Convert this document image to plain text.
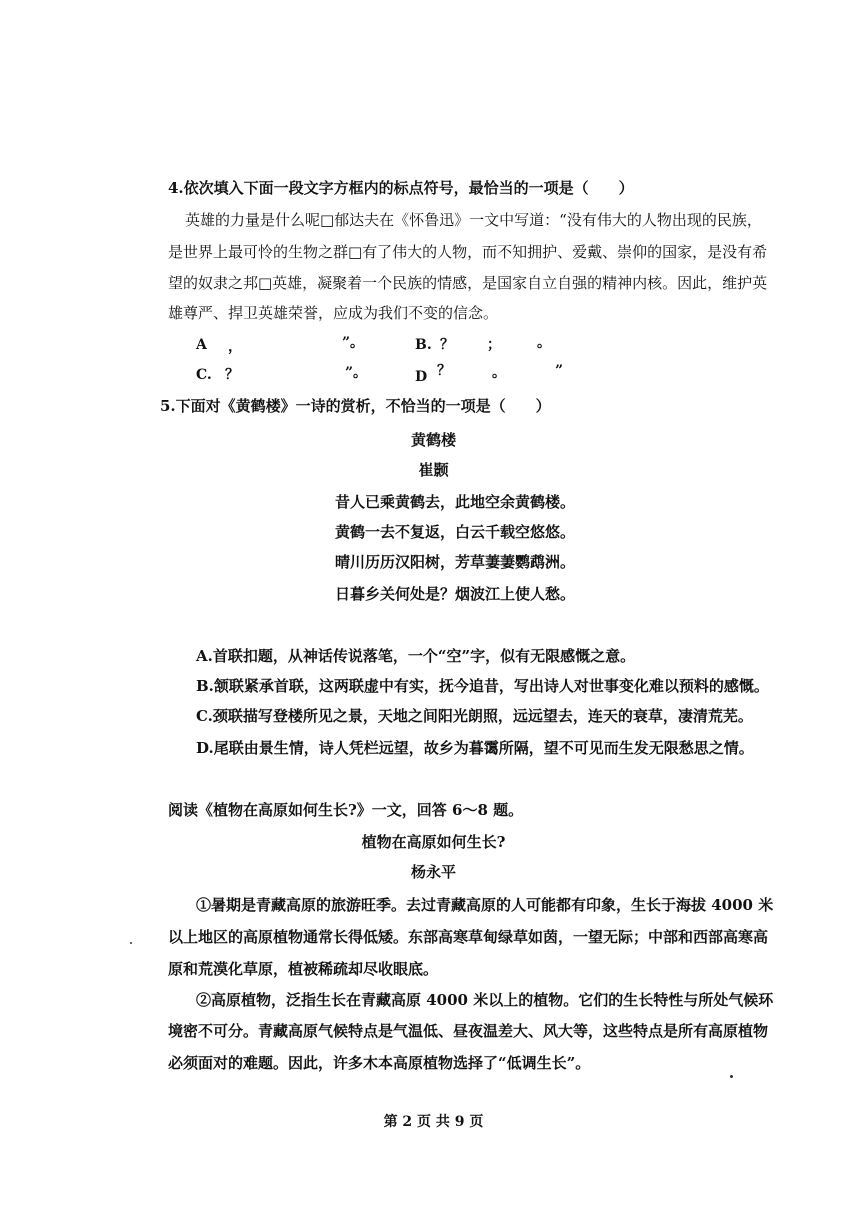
4.依次填入下面一段文字方框内的标点符号，最恰当的一项是（　　）
英雄的力量是什么呢□郁达夫在《怀鲁迅》一文中写道：“没有伟大的人物出现的民族，
是世界上最可怜的生物之群□有了伟大的人物，而不知拥护、爱戴、崇仰的国家，是没有希
望的奴隶之邦□英雄，凝聚着一个民族的情感，是国家自立自强的精神内核。因此，维护英
雄尊严、捍卫英雄荣誉，应成为我们不变的信念。
A ，	”。	B. ？ ；	。
C. ？	”。	D ？	。	”
5.下面对《黄鹤楼》一诗的赏析，不恰当的一项是（　　）
黄鹤楼
崔颢
昔人已乘黄鹤去，此地空余黄鹤楼。
黄鹤一去不复返，白云千载空悠悠。
晴川历历汉阳树，芳草萋萋鹦鹉洲。
日暮乡关何处是？烟波江上使人愁。
A.首联扣题，从神话传说落笔，一个“空”字，似有无限感慨之意。
B.颔联紧承首联，这两联虚中有实，抚今追昔，写出诗人对世事变化难以预料的感慨。
C.颈联描写登楼所见之景，天地之间阳光朗照，远远望去，连天的衰草，凄清荒芜。
D.尾联由景生情，诗人凭栏远望，故乡为暮霭所隔，望不可见而生发无限愁思之情。
阅读《植物在高原如何生长?》一文，回答 6～8 题。
植物在高原如何生长?
杨永平
①暑期是青藏高原的旅游旺季。去过青藏高原的人可能都有印象，生长于海拔 4000 米
以上地区的高原植物通常长得低矮。东部高寒草甸绿草如茵，一望无际；中部和西部高寒高
原和荒漠化草原，植被稀疏却尽收眼底。
②高原植物，泛指生长在青藏高原 4000 米以上的植物。它们的生长特性与所处气候环
境密不可分。青藏高原气候特点是气温低、昼夜温差大、风大等，这些特点是所有高原植物
必须面对的难题。因此，许多木本高原植物选择了“低调生长”。
第 2 页 共 9 页
